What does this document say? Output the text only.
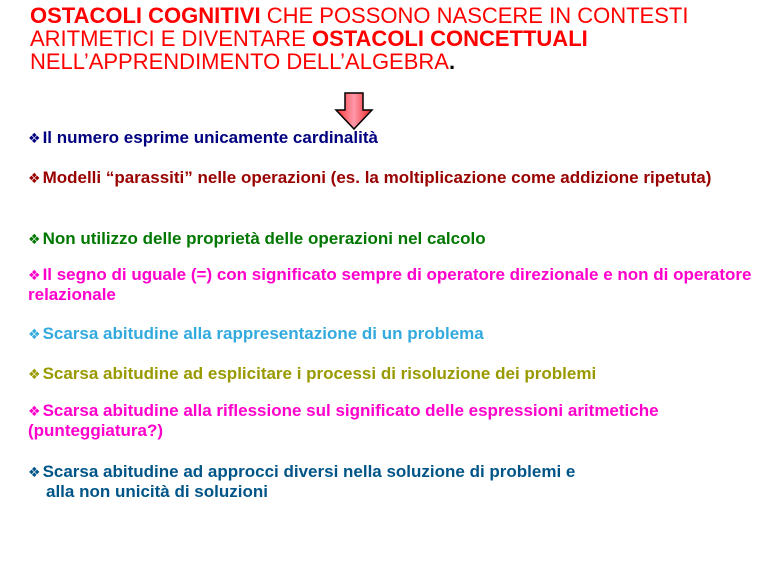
OSTACOLI COGNITIVI CHE POSSONO NASCERE IN CONTESTI ARITMETICI E DIVENTARE OSTACOLI CONCETTUALI NELL’APPRENDIMENTO DELL’ALGEBRA.

❖ Il numero esprime unicamente cardinalità

❖ Modelli “parassiti” nelle operazioni (es. la moltiplicazione come addizione ripetuta)

❖ Non utilizzo delle proprietà delle operazioni nel calcolo

❖ Il segno di uguale (=) con significato sempre di operatore direzionale e non di operatore relazionale

❖ Scarsa abitudine alla rappresentazione di un problema

❖ Scarsa abitudine ad esplicitare i processi di risoluzione dei problemi

❖ Scarsa abitudine alla riflessione sul significato delle espressioni aritmetiche (punteggiatura?)

❖ Scarsa abitudine ad approcci diversi nella soluzione di problemi e
alla non unicità di soluzioni
